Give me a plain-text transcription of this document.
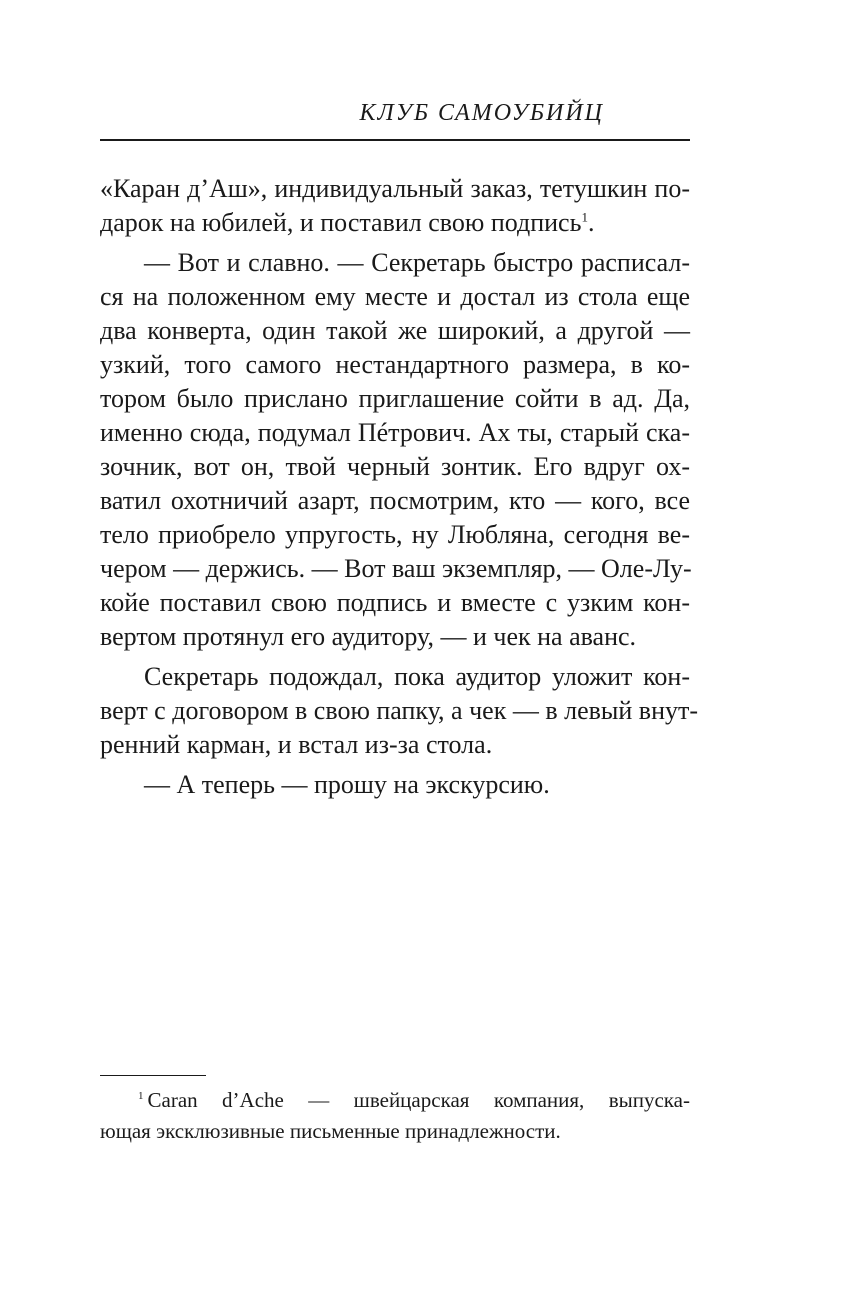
КЛУБ САМОУБИЙЦ
«Каран д’Аш», индивидуальный заказ, тетушкин по-
дарок на юбилей, и поставил свою подпись$^1$.
— Вот и славно. — Секретарь быстро расписал-
ся на положенном ему месте и достал из стола еще
два конверта, один такой же широкий, а другой —
узкий, того самого нестандартного размера, в ко-
тором было прислано приглашение сойти в ад. Да,
именно сюда, подумал Пéтрович. Ах ты, старый ска-
зочник, вот он, твой черный зонтик. Его вдруг ох-
ватил охотничий азарт, посмотрим, кто — кого, все
тело приобрело упругость, ну Любляна, сегодня ве-
чером — держись. — Вот ваш экземпляр, — Оле-Лу-
койе поставил свою подпись и вместе с узким кон-
вертом протянул его аудитору, — и чек на аванс.
Секретарь подождал, пока аудитор уложит кон-
верт с договором в свою папку, а чек — в левый внут-
ренний карман, и встал из-за стола.
— А теперь — прошу на экскурсию.
$^1$ Caran d’Ache — швейцарская компания, выпуска-
ющая эксклюзивные письменные принадлежности.
